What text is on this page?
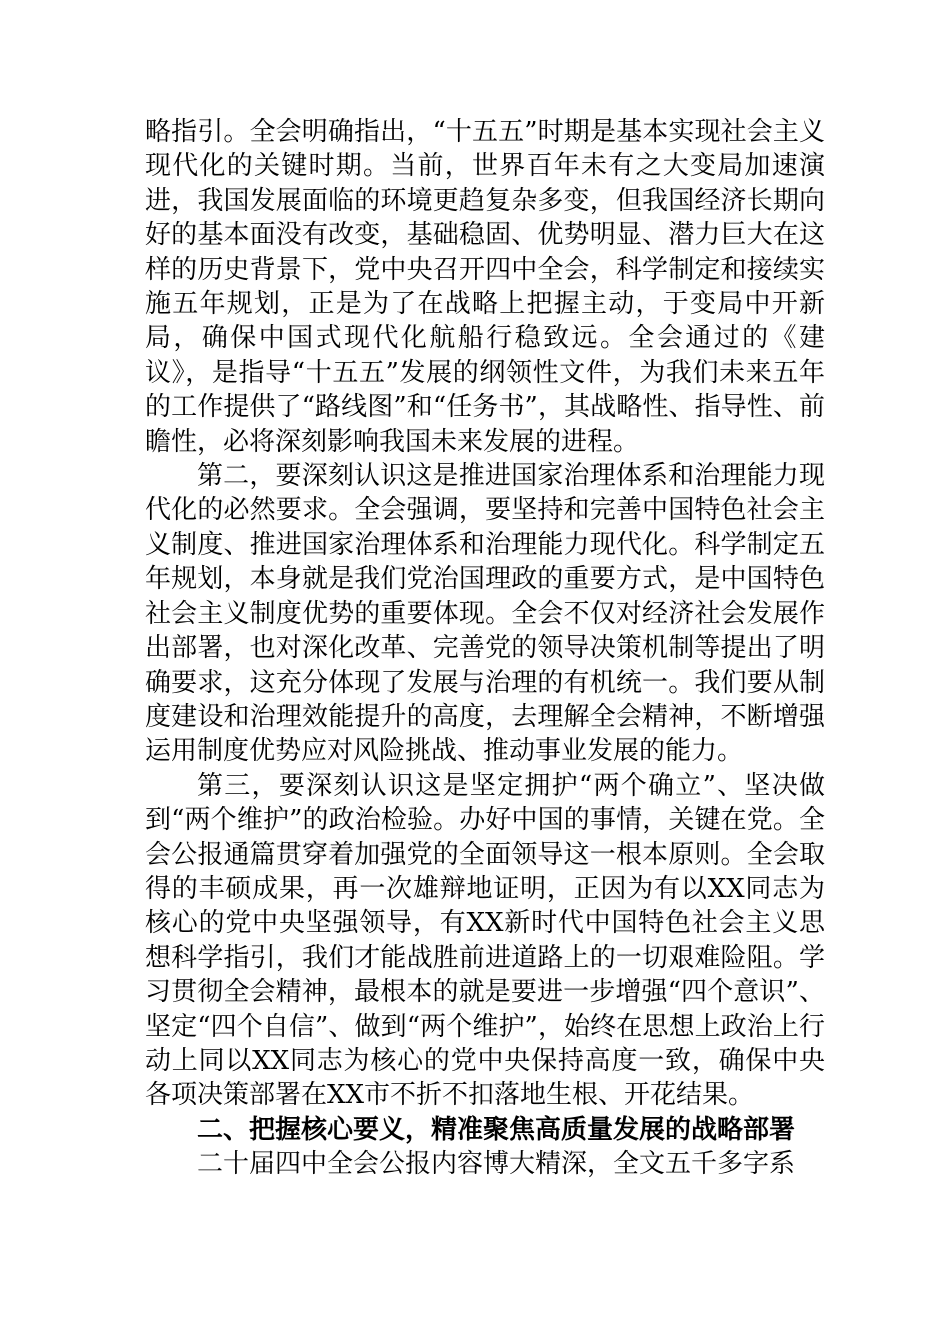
略指引。全会明确指出，“十五五”时期是基本实现社会主义现代化的关键时期。当前，世界百年未有之大变局加速演进，我国发展面临的环境更趋复杂多变，但我国经济长期向好的基本面没有改变，基础稳固、优势明显、潜力巨大在这样的历史背景下，党中央召开四中全会，科学制定和接续实施五年规划，正是为了在战略上把握主动，于变局中开新局，确保中国式现代化航船行稳致远。全会通过的《建议》，是指导“十五五”发展的纲领性文件，为我们未来五年的工作提供了“路线图”和“任务书”，其战略性、指导性、前瞻性，必将深刻影响我国未来发展的进程。

第二，要深刻认识这是推进国家治理体系和治理能力现代化的必然要求。全会强调，要坚持和完善中国特色社会主义制度、推进国家治理体系和治理能力现代化。科学制定五年规划，本身就是我们党治国理政的重要方式，是中国特色社会主义制度优势的重要体现。全会不仅对经济社会发展作出部署，也对深化改革、完善党的领导决策机制等提出了明确要求，这充分体现了发展与治理的有机统一。我们要从制度建设和治理效能提升的高度，去理解全会精神，不断增强运用制度优势应对风险挑战、推动事业发展的能力。

第三，要深刻认识这是坚定拥护“两个确立”、坚决做到“两个维护”的政治检验。办好中国的事情，关键在党。全会公报通篇贯穿着加强党的全面领导这一根本原则。全会取得的丰硕成果，再一次雄辩地证明，正因为有以XX同志为核心的党中央坚强领导，有XX新时代中国特色社会主义思想科学指引，我们才能战胜前进道路上的一切艰难险阻。学习贯彻全会精神，最根本的就是要进一步增强“四个意识”、坚定“四个自信”、做到“两个维护”，始终在思想上政治上行动上同以XX同志为核心的党中央保持高度一致，确保中央各项决策部署在XX市不折不扣落地生根、开花结果。

二、把握核心要义，精准聚焦高质量发展的战略部署

二十届四中全会公报内容博大精深，全文五千多字系
